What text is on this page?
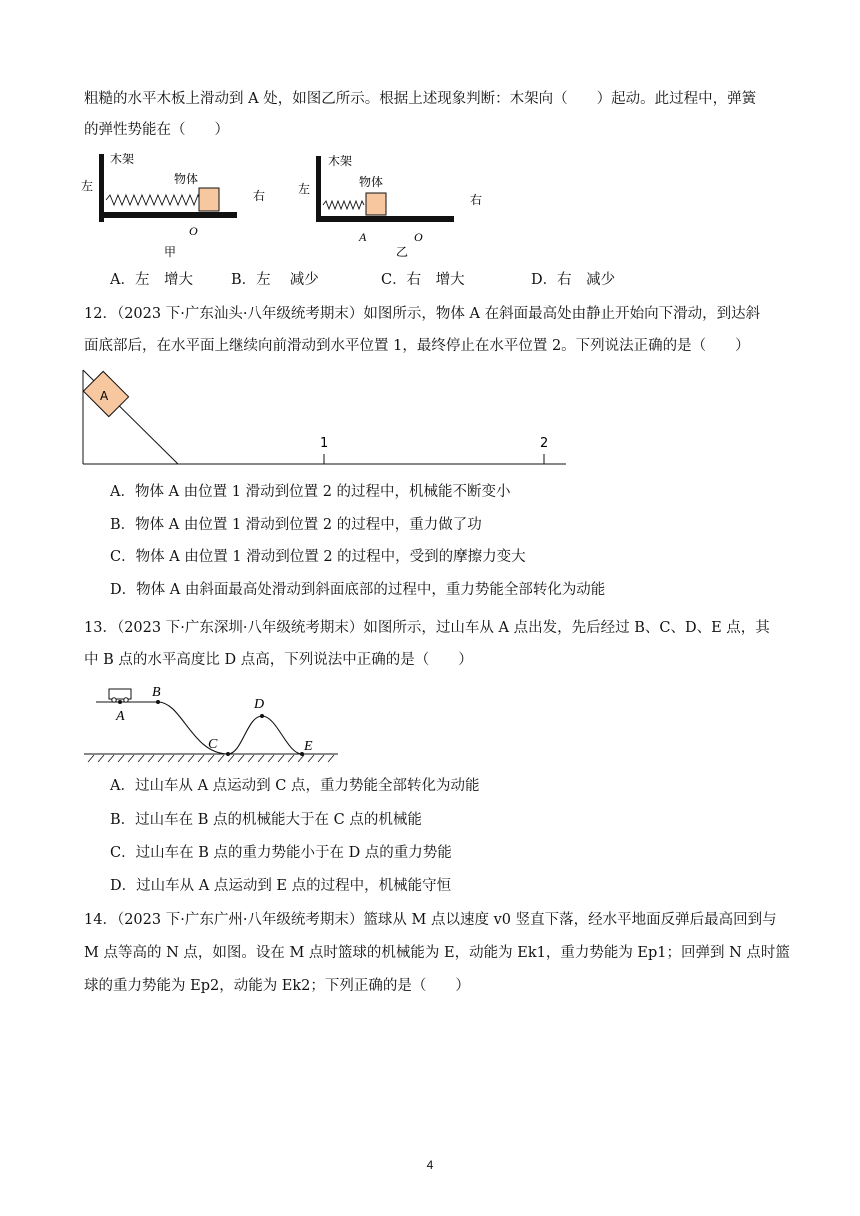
粗糙的水平木板上滑动到 A 处，如图乙所示。根据上述现象判断：木架向（　　）起动。此过程中，弹簧
的弹性势能在（　　）
木架
左	物体
右
O
甲
木架
左	物体
右
A	O
乙
A．左　增大	B．左　 减少	C．右　增大	D．右　减少
12．（2023 下·广东汕头·八年级统考期末）如图所示，物体 A 在斜面最高处由静止开始向下滑动，到达斜
面底部后，在水平面上继续向前滑动到水平位置 1，最终停止在水平位置 2。下列说法正确的是（　　）
A
1	2
A．物体 A 由位置 1 滑动到位置 2 的过程中，机械能不断变小
B．物体 A 由位置 1 滑动到位置 2 的过程中，重力做了功
C．物体 A 由位置 1 滑动到位置 2 的过程中，受到的摩擦力变大
D．物体 A 由斜面最高处滑动到斜面底部的过程中，重力势能全部转化为动能
13．（2023 下·广东深圳·八年级统考期末）如图所示，过山车从 A 点出发，先后经过 B、C、D、E 点，其
中 B 点的水平高度比 D 点高，下列说法中正确的是（　　）
A
B
C
D
E
A．过山车从 A 点运动到 C 点，重力势能全部转化为动能
B．过山车在 B 点的机械能大于在 C 点的机械能
C．过山车在 B 点的重力势能小于在 D 点的重力势能
D．过山车从 A 点运动到 E 点的过程中，机械能守恒
14．（2023 下·广东广州·八年级统考期末）篮球从 M 点以速度 v0 竖直下落，经水平地面反弹后最高回到与
M 点等高的 N 点，如图。设在 M 点时篮球的机械能为 E，动能为 Ek1，重力势能为 Ep1；回弹到 N 点时篮
球的重力势能为 Ep2，动能为 Ek2；下列正确的是（　　）
4
